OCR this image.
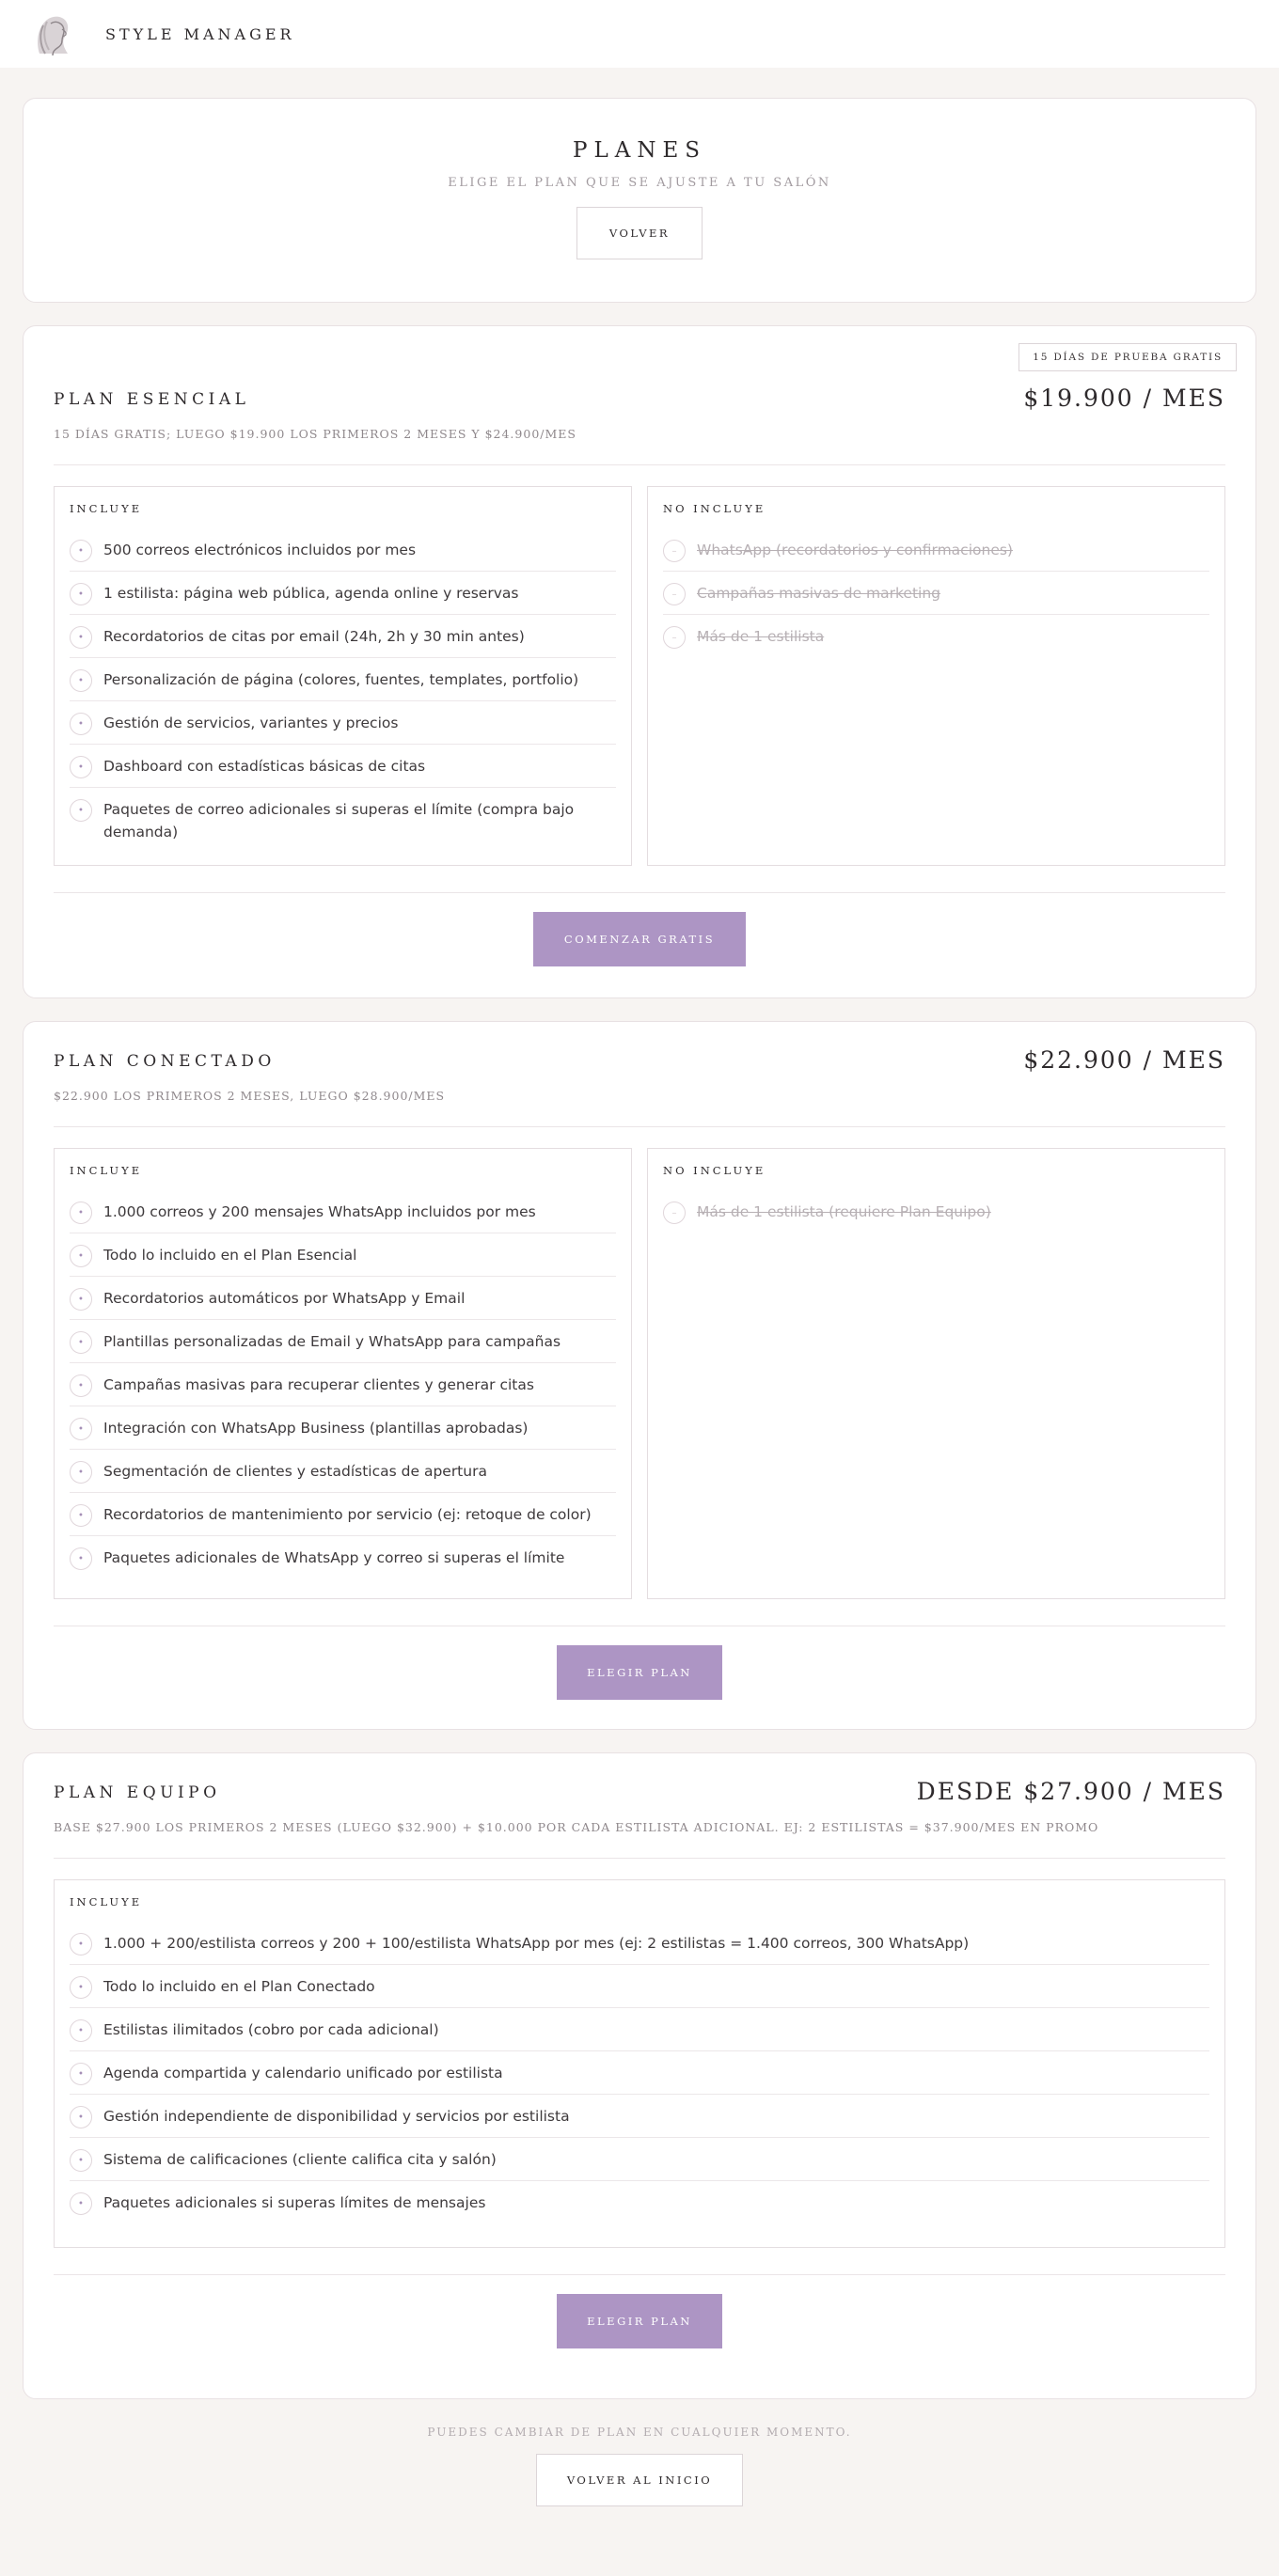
STYLE MANAGER
PLANES
ELIGE EL PLAN QUE SE AJUSTE A TU SALÓN
VOLVER
15 DÍAS DE PRUEBA GRATIS
PLAN ESENCIAL	$19.900 / MES
15 DÍAS GRATIS; LUEGO $19.900 LOS PRIMEROS 2 MESES Y $24.900/MES
INCLUYE
•	500 correos electrónicos incluidos por mes
•	1 estilista: página web pública, agenda online y reservas
•	Recordatorios de citas por email (24h, 2h y 30 min antes)
•	Personalización de página (colores, fuentes, templates, portfolio)
•	Gestión de servicios, variantes y precios
•	Dashboard con estadísticas básicas de citas
•	Paquetes de correo adicionales si superas el límite (compra bajo demanda)
NO INCLUYE
–	WhatsApp (recordatorios y confirmaciones)
–	Campañas masivas de marketing
–	Más de 1 estilista
COMENZAR GRATIS
PLAN CONECTADO	$22.900 / MES
$22.900 LOS PRIMEROS 2 MESES, LUEGO $28.900/MES
INCLUYE
•	1.000 correos y 200 mensajes WhatsApp incluidos por mes
•	Todo lo incluido en el Plan Esencial
•	Recordatorios automáticos por WhatsApp y Email
•	Plantillas personalizadas de Email y WhatsApp para campañas
•	Campañas masivas para recuperar clientes y generar citas
•	Integración con WhatsApp Business (plantillas aprobadas)
•	Segmentación de clientes y estadísticas de apertura
•	Recordatorios de mantenimiento por servicio (ej: retoque de color)
•	Paquetes adicionales de WhatsApp y correo si superas el límite
NO INCLUYE
–	Más de 1 estilista (requiere Plan Equipo)
ELEGIR PLAN
PLAN EQUIPO	DESDE $27.900 / MES
BASE $27.900 LOS PRIMEROS 2 MESES (LUEGO $32.900) + $10.000 POR CADA ESTILISTA ADICIONAL. EJ: 2 ESTILISTAS = $37.900/MES EN PROMO
INCLUYE
•	1.000 + 200/estilista correos y 200 + 100/estilista WhatsApp por mes (ej: 2 estilistas = 1.400 correos, 300 WhatsApp)
•	Todo lo incluido en el Plan Conectado
•	Estilistas ilimitados (cobro por cada adicional)
•	Agenda compartida y calendario unificado por estilista
•	Gestión independiente de disponibilidad y servicios por estilista
•	Sistema de calificaciones (cliente califica cita y salón)
•	Paquetes adicionales si superas límites de mensajes
ELEGIR PLAN
PUEDES CAMBIAR DE PLAN EN CUALQUIER MOMENTO.
VOLVER AL INICIO
